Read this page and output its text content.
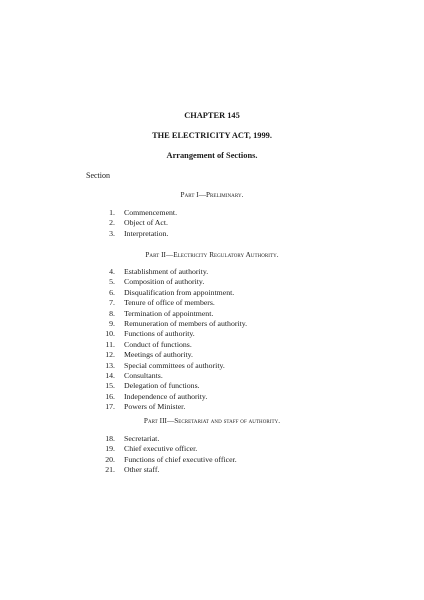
CHAPTER 145
THE ELECTRICITY ACT, 1999.
Arrangement of Sections.
Section
Part I—Preliminary.
1. Commencement.
2. Object of Act.
3. Interpretation.
Part II—Electricity Regulatory Authority.
4. Establishment of authority.
5. Composition of authority.
6. Disqualification from appointment.
7. Tenure of office of members.
8. Termination of appointment.
9. Remuneration of members of authority.
10. Functions of authority.
11. Conduct of functions.
12. Meetings of authority.
13. Special committees of authority.
14. Consultants.
15. Delegation of functions.
16. Independence of authority.
17. Powers of Minister.
Part III—Secretariat and staff of authority.
18. Secretariat.
19. Chief executive officer.
20. Functions of chief executive officer.
21. Other staff.
